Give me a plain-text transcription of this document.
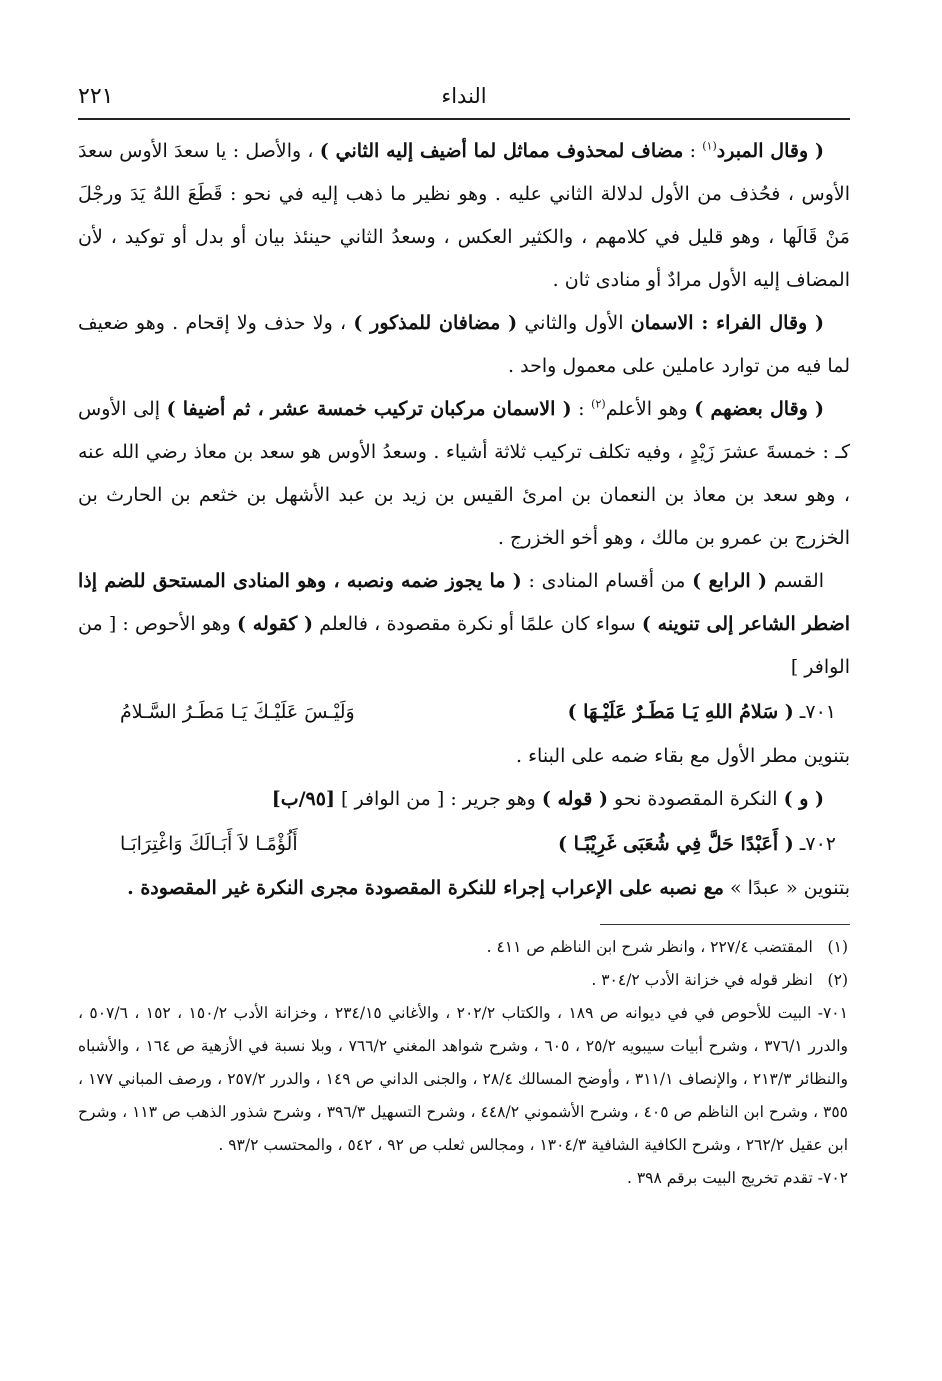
النداء
٢٢١

( وقال المبرد$^{(١)}$ : مضاف لمحذوف مماثل لما أضيف إليه الثاني ) ، والأصل : يا سعدَ الأوس سعدَ الأوس ، فحُذف من الأول لدلالة الثاني عليه . وهو نظير ما ذهب إليه في نحو : قَطَعَ اللهُ يَدَ ورجْلَ مَنْ قَالَها ، وهو قليل في كلامهم ، والكثير العكس ، وسعدُ الثاني حينئذ بيان أو بدل أو توكيد ، لأن المضاف إليه الأول مرادٌ أو منادى ثان .

( وقال الفراء : الاسمان الأول والثاني ( مضافان للمذكور ) ، ولا حذف ولا إقحام . وهو ضعيف لما فيه من توارد عاملين على معمول واحد .

( وقال بعضهم ) وهو الأعلم$^{(٢)}$ : ( الاسمان مركبان تركيب خمسة عشر ، ثم أضيفا ) إلى الأوس كـ : خمسةَ عشرَ زَيْدٍ ، وفيه تكلف تركيب ثلاثة أشياء . وسعدُ الأوس هو سعد بن معاذ رضي الله عنه ، وهو سعد بن معاذ بن النعمان بن امرئ القيس بن زيد بن عبد الأشهل بن خثعم بن الحارث بن الخزرج بن عمرو بن مالك ، وهو أخو الخزرج .

القسم ( الرابع ) من أقسام المنادى : ( ما يجوز ضمه ونصبه ، وهو المنادى المستحق للضم إذا اضطر الشاعر إلى تنوينه ) سواء كان علمًا أو نكرة مقصودة ، فالعلم ( كقوله ) وهو الأحوص : [ من الوافر ]

٧٠١ـ ( سَلامُ اللهِ يَـا مَطَـرٌ عَلَيْـهَا )
وَلَيْـسَ عَلَيْـكَ يَـا مَطَـرُ السَّـلامُ

بتنوين مطر الأول مع بقاء ضمه على البناء .

( و ) النكرة المقصودة نحو ( قوله ) وهو جرير : [ من الوافر ] [٩٥/ب]

٧٠٢ـ ( أَعَبْدًا حَلَّ فِي شُعَبَى غَرِيْبًـا )
أَلُؤْمًـا لاَ أَبَـالَكَ وَاغْتِرَابَـا

بتنوين « عبدًا » مع نصبه على الإعراب إجراء للنكرة المقصودة مجرى النكرة غير المقصودة .

(١)   المقتضب ٢٢٧/٤ ، وانظر شرح ابن الناظم ص ٤١١ .

(٢)   انظر قوله في خزانة الأدب ٣٠٤/٢ .

٧٠١- البيت للأحوص في في ديوانه ص ١٨٩ ، والكتاب ٢٠٢/٢ ، والأغاني ٢٣٤/١٥ ، وخزانة الأدب ١٥٠/٢ ، ١٥٢ ، ٥٠٧/٦ ، والدرر ٣٧٦/١ ، وشرح أبيات سيبويه ٢٥/٢ ، ٦٠٥ ، وشرح شواهد المغني ٧٦٦/٢ ، وبلا نسبة في الأزهية ص ١٦٤ ، والأشباه والنظائر ٢١٣/٣ ، والإنصاف ٣١١/١ ، وأوضح المسالك ٢٨/٤ ، والجنى الداني ص ١٤٩ ، والدرر ٢٥٧/٢ ، ورصف المباني ١٧٧ ، ٣٥٥ ، وشرح ابن الناظم ص ٤٠٥ ، وشرح الأشموني ٤٤٨/٢ ، وشرح التسهيل ٣٩٦/٣ ، وشرح شذور الذهب ص ١١٣ ، وشرح ابن عقيل ٢٦٢/٢ ، وشرح الكافية الشافية ١٣٠٤/٣ ، ومجالس ثعلب ص ٩٢ ، ٥٤٢ ، والمحتسب ٩٣/٢ .

٧٠٢- تقدم تخريج البيت برقم ٣٩٨ .
